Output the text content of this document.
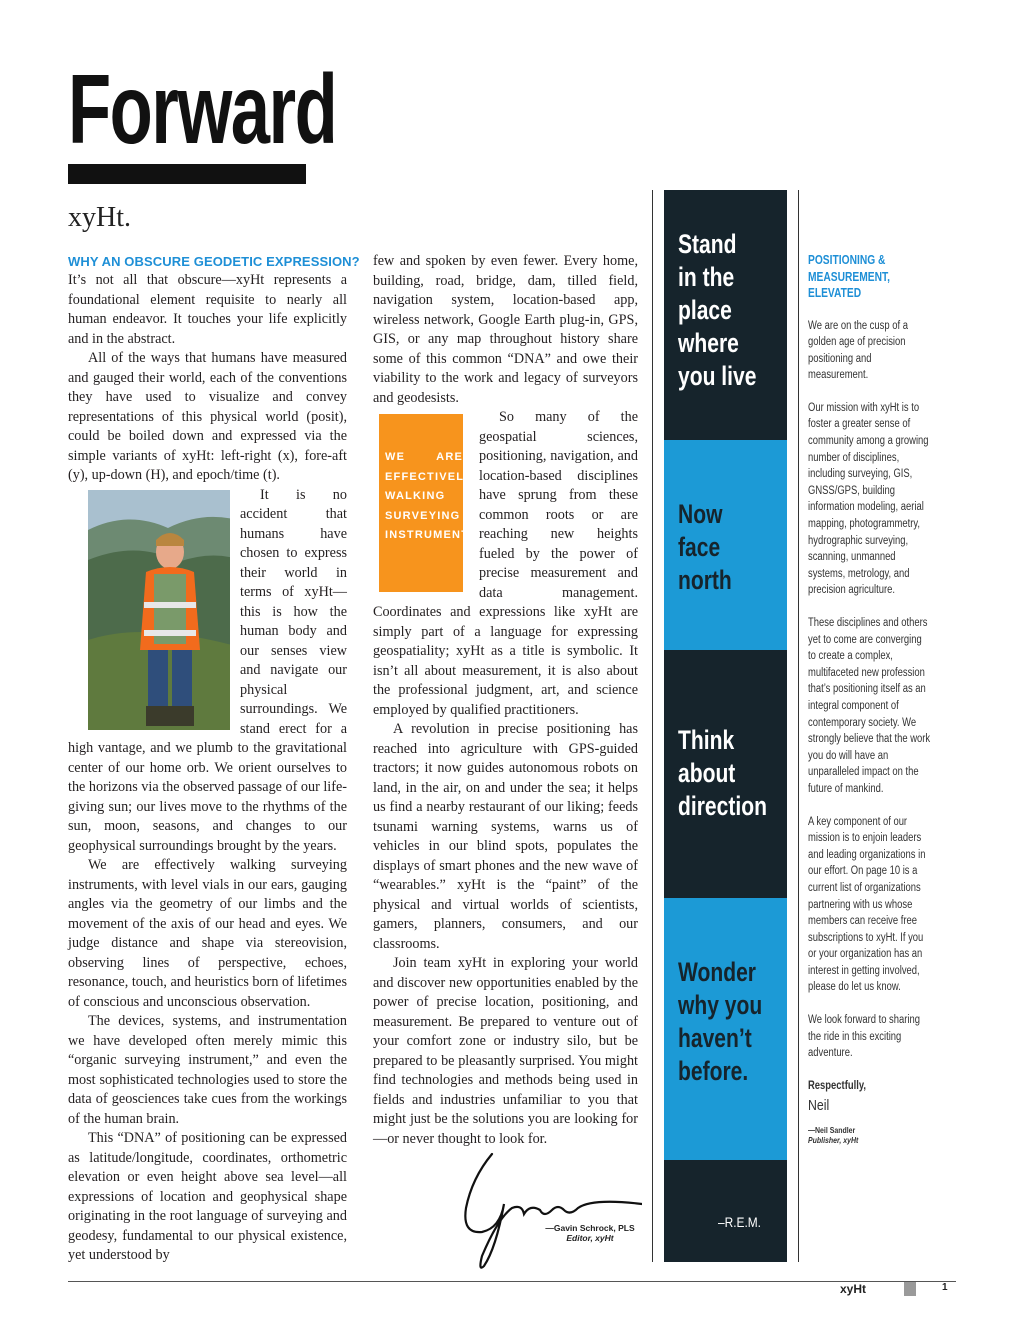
Forward
xyHt.
WHY AN OBSCURE GEODETIC EXPRESSION?

It’s not all that obscure—xyHt represents a foundational element requisite to nearly all human endeavor. It touches your life explicitly and in the abstract.

All of the ways that humans have measured and gauged their world, each of the conventions they have used to visualize and convey representations of this physical world (posit), could be boiled down and expressed via the simple variants of xyHt: left-right (x), fore-aft (y), up-down (H), and epoch/time (t).

It is no accident that humans have chosen to express their world in terms of xyHt—this is how the human body and our senses view and navigate our physical surroundings. We stand erect for a high vantage, and we plumb to the gravitational center of our home orb. We orient ourselves to the horizons via the observed passage of our life-giving sun; our lives move to the rhythms of the sun, moon, seasons, and changes to our geophysical surroundings brought by the years.

We are effectively walking surveying instruments, with level vials in our ears, gauging angles via the geometry of our limbs and the movement of the axis of our head and eyes. We judge distance and shape via stereovision, observing lines of perspective, echoes, resonance, touch, and heuristics born of lifetimes of conscious and unconscious observation.

The devices, systems, and instrumentation we have developed often merely mimic this “organic surveying instrument,” and even the most sophisticated technologies used to store the data of geosciences take cues from the workings of the human brain.

This “DNA” of positioning can be expressed as latitude/longitude, coordinates, orthometric elevation or even height above sea level—all expressions of location and geophysical shape originating in the root language of surveying and geodesy, fundamental to our physical existence, yet understood by

few and spoken by even fewer. Every home, building, road, bridge, dam, tilled field, navigation system, location-based app, wireless network, Google Earth plug-in, GPS, GIS, or any map throughout history share some of this common “DNA” and owe their viability to the work and legacy of surveyors and geodesists.

WE ARE EFFECTIVELY WALKING SURVEYING INSTRUMENTS.
So many of the geospatial sciences, positioning, navigation, and location-based disciplines have sprung from these common roots or are reaching new heights fueled by the power of precise measurement and data management. Coordinates and expressions like xyHt are simply part of a language for expressing geospatiality; xyHt as a title is symbolic. It isn’t all about measurement, it is also about the professional judgment, art, and science employed by qualified practitioners.

A revolution in precise positioning has reached into agriculture with GPS-guided tractors; it now guides autonomous robots on land, in the air, on and under the sea; it helps us find a nearby restaurant of our liking; feeds tsunami warning systems, warns us of vehicles in our blind spots, populates the displays of smart phones and the new wave of “wearables.” xyHt is the “paint” of the physical and virtual worlds of scientists, gamers, planners, consumers, and our classrooms.

Join team xyHt in exploring your world and discover new opportunities enabled by the power of precise location, positioning, and measurement. Be prepared to venture out of your comfort zone or industry silo, but be prepared to be pleasantly surprised. You might find technologies and methods being used in fields and industries unfamiliar to you that might just be the solutions you are looking for—or never thought to look for.

—Gavin Schrock, PLS
Editor, xyHt
Stand
in the
place
where
you live
Now
face
north
Think
about
direction
Wonder
why you
haven’t
before.
–R.E.M.
POSITIONING & MEASUREMENT, ELEVATED

We are on the cusp of a golden age of precision positioning and measurement.

Our mission with xyHt is to foster a greater sense of community among a growing number of disciplines, including surveying, GIS, GNSS/GPS, building information modeling, aerial mapping, photogrammetry, hydrographic surveying, scanning, unmanned systems, metrology, and precision agriculture.

These disciplines and others yet to come are converging to create a complex, multifaceted new profession that’s positioning itself as an integral component of contemporary society. We strongly believe that the work you do will have an unparalleled impact on the future of mankind.

A key component of our mission is to enjoin leaders and leading organizations in our effort. On page 10 is a current list of organizations partnering with us whose members can receive free subscriptions to xyHt. If you or your organization has an interest in getting involved, please do let us know.

We look forward to sharing the ride in this exciting adventure.

Respectfully,

Neil

—Neil Sandler
Publisher, xyHt

xyHt	1
